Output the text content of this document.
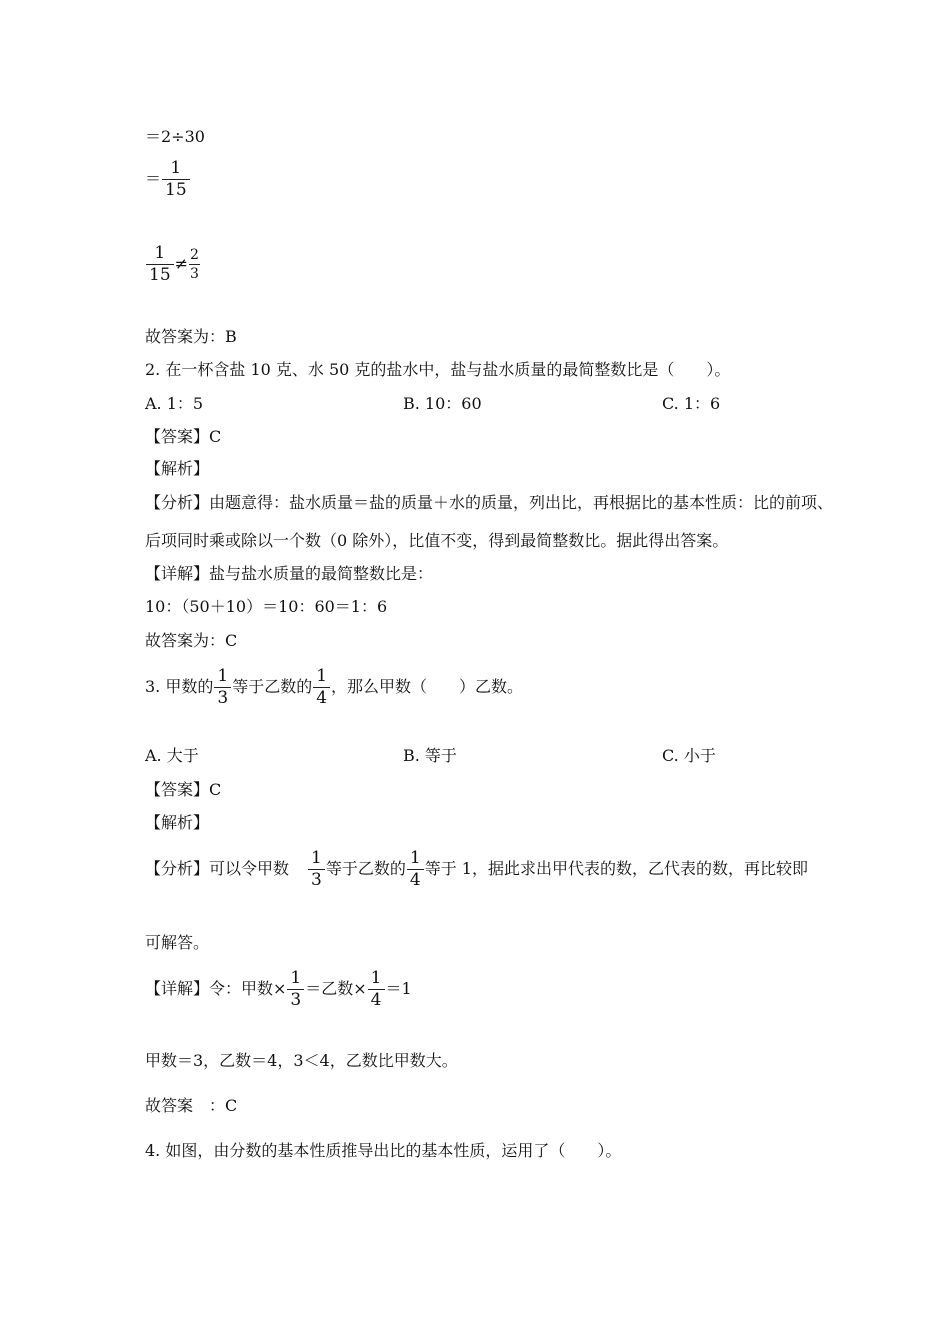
＝2÷30
＝ $\frac{1}{15}$
$\frac{1}{15} \ne \frac{2}{3}$
故答案为：B
2. 在一杯含盐 10 克、水 50 克的盐水中，盐与盐水质量的最简整数比是（　　）。
A. 1：5	B. 10：60	C. 1：6
【答案】C
【解析】
【分析】由题意得：盐水质量＝盐的质量＋水的质量，列出比，再根据比的基本性质：比的前项、
后项同时乘或除以一个数（0 除外），比值不变，得到最简整数比。据此得出答案。
【详解】盐与盐水质量的最简整数比是：
10：（50＋10）＝10：60＝1：6
故答案为：C
3. 甲数的 $\frac{1}{3}$ 等于乙数的 $\frac{1}{4}$ ，那么甲数（　　）乙数。
A. 大于	B. 等于	C. 小于
【答案】C
【解析】
【分析】可以令甲数 $\frac{1}{3}$ 等于乙数的 $\frac{1}{4}$ 等于 1，据此求出甲代表的数，乙代表的数，再比较即
可解答。
【详解】令：甲数× $\frac{1}{3}$ ＝乙数× $\frac{1}{4} =1$
甲数＝3，乙数＝4，3＜4，乙数比甲数大。
故答案　：C
4. 如图，由分数的基本性质推导出比的基本性质，运用了（　　）。
